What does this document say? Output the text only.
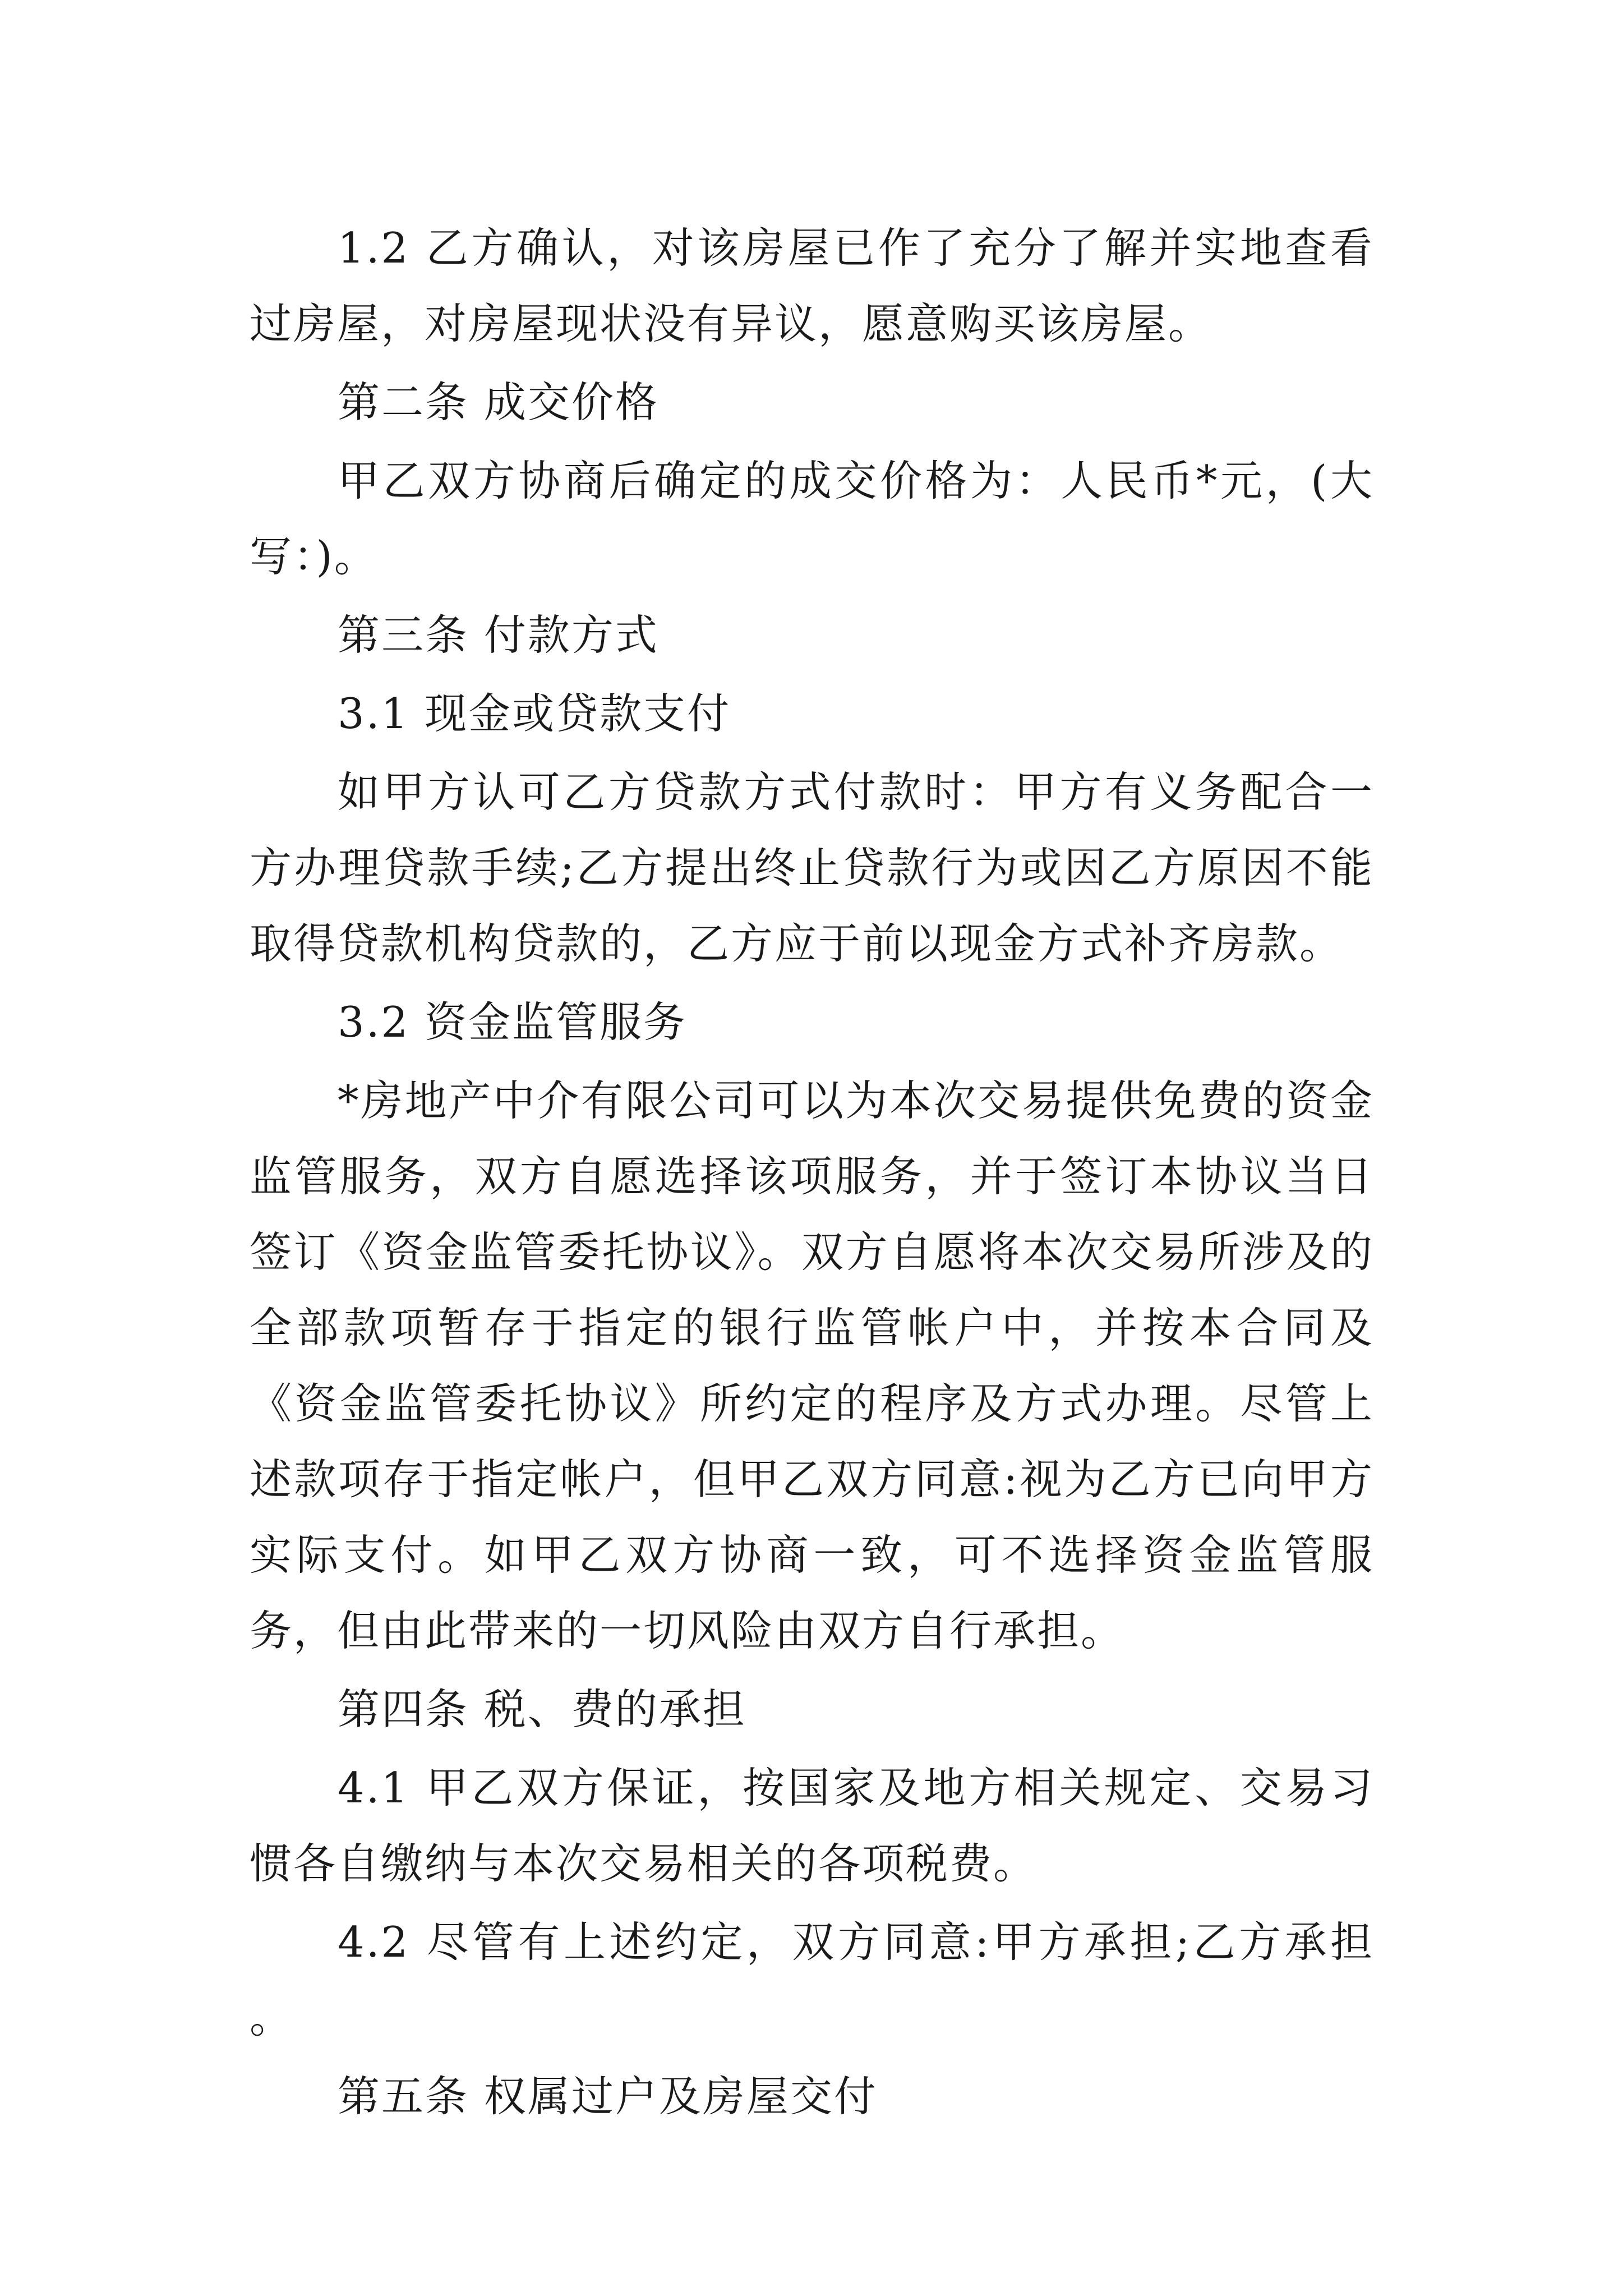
1.2 乙方确认，对该房屋已作了充分了解并实地查看过房屋，对房屋现状没有异议，愿意购买该房屋。

第二条 成交价格

甲乙双方协商后确定的成交价格为：人民币*元，(大写：)。

第三条 付款方式

3.1 现金或贷款支付

如甲方认可乙方贷款方式付款时：甲方有义务配合一方办理贷款手续;乙方提出终止贷款行为或因乙方原因不能取得贷款机构贷款的，乙方应于前以现金方式补齐房款。

3.2 资金监管服务

*房地产中介有限公司可以为本次交易提供免费的资金监管服务，双方自愿选择该项服务，并于签订本协议当日签订《资金监管委托协议》。双方自愿将本次交易所涉及的全部款项暂存于指定的银行监管帐户中，并按本合同及《资金监管委托协议》所约定的程序及方式办理。尽管上述款项存于指定帐户，但甲乙双方同意:视为乙方已向甲方实际支付。如甲乙双方协商一致，可不选择资金监管服务，但由此带来的一切风险由双方自行承担。

第四条 税、费的承担

4.1 甲乙双方保证，按国家及地方相关规定、交易习惯各自缴纳与本次交易相关的各项税费。

4.2 尽管有上述约定，双方同意:甲方承担;乙方承担 。

第五条 权属过户及房屋交付
